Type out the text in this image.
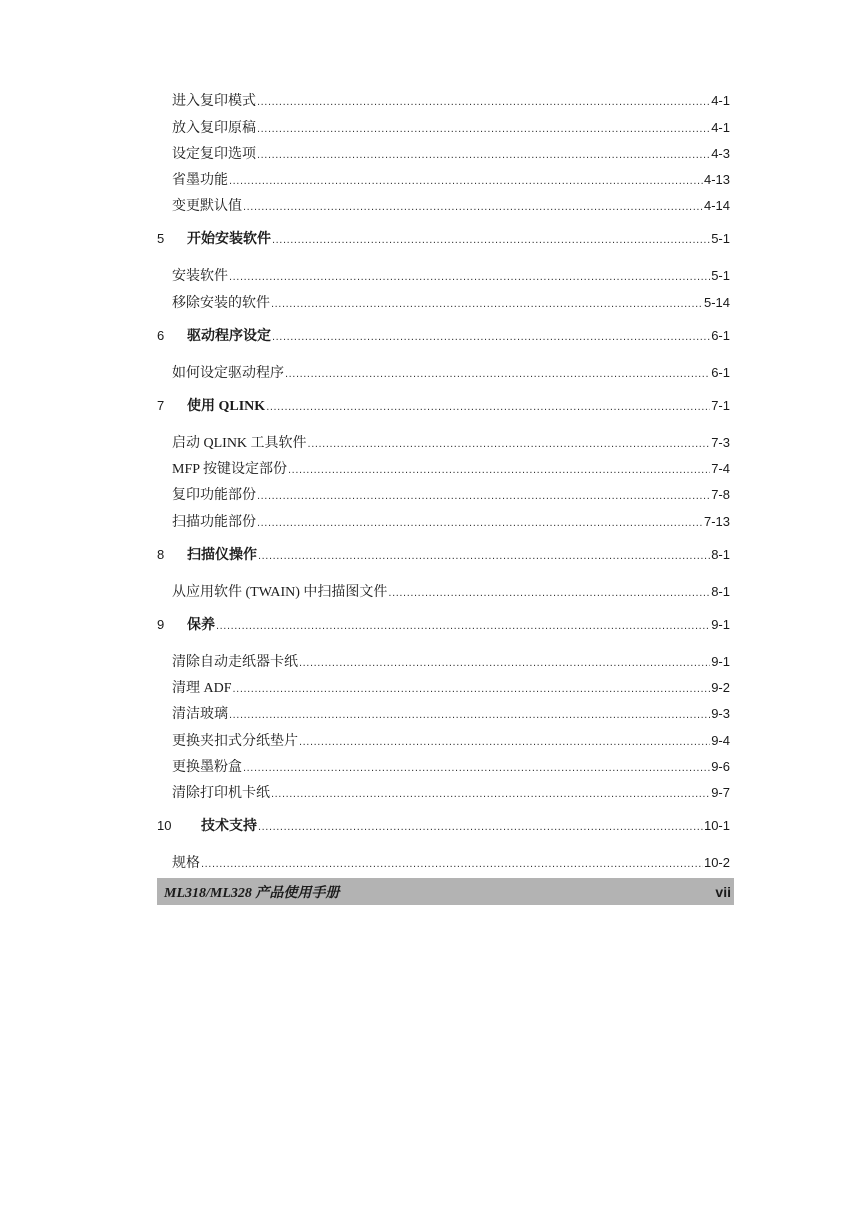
进入复印模式 .....	4-1
放入复印原稿 .....	4-1
设定复印选项 .....	4-3
省墨功能 .....	4-13
变更默认值 .....	4-14
5	开始安装软件 .....	5-1
安装软件 .....	5-1
移除安装的软件 .....	5-14
6	驱动程序设定 .....	6-1
如何设定驱动程序 .....	6-1
7	使用 QLINK .....	7-1
启动 QLINK 工具软件 .....	7-3
MFP 按键设定部份 .....	7-4
复印功能部份 .....	7-8
扫描功能部份 .....	7-13
8	扫描仪操作 .....	8-1
从应用软件 (TWAIN) 中扫描图文件 .....	8-1
9	保养 .....	9-1
清除自动走纸器卡纸 .....	9-1
清理 ADF .....	9-2
清洁玻璃 .....	9-3
更换夹扣式分纸垫片 .....	9-4
更换墨粉盒 .....	9-6
清除打印机卡纸 .....	9-7
10	技术支持 .....	10-1
规格 .....	10-2
ML318/ML328 产品使用手册	vii
